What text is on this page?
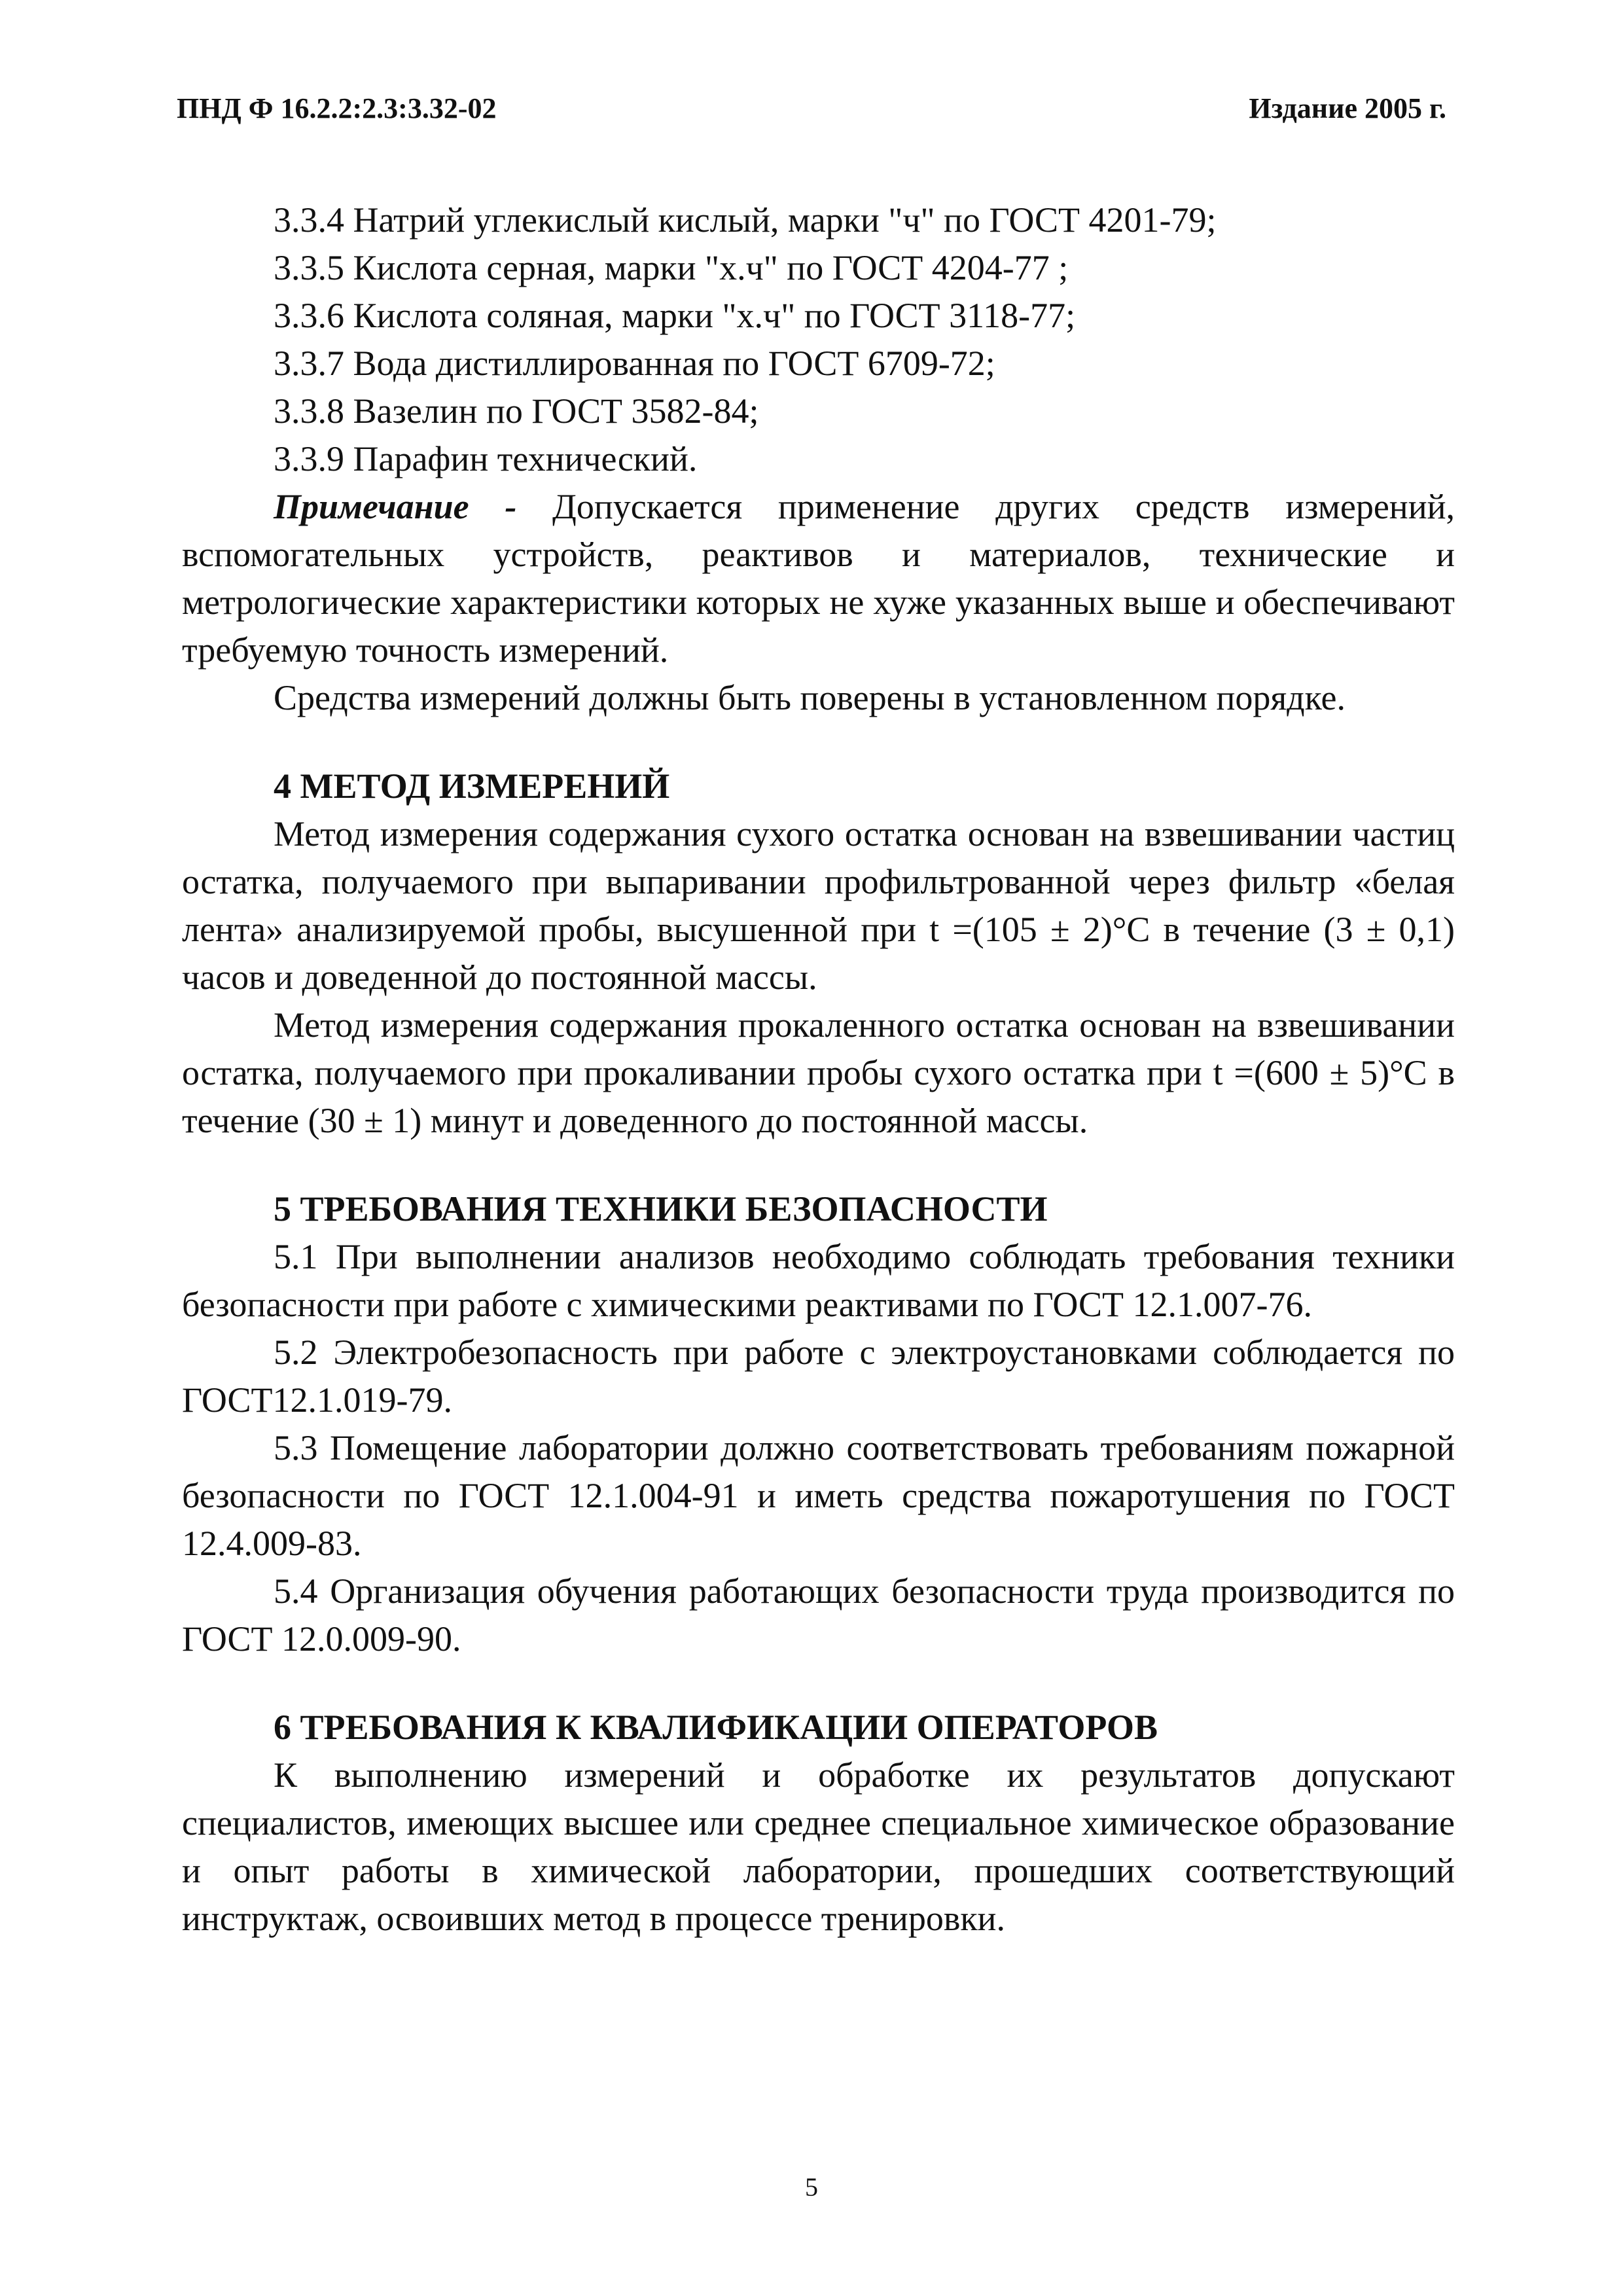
ПНД Ф 16.2.2:2.3:3.32-02	Издание 2005 г.

3.3.4 Натрий углекислый кислый, марки "ч" по ГОСТ 4201-79;

3.3.5 Кислота серная, марки "х.ч" по ГОСТ 4204-77 ;

3.3.6 Кислота соляная, марки "х.ч" по ГОСТ 3118-77;

3.3.7 Вода дистиллированная по ГОСТ 6709-72;

3.3.8 Вазелин по ГОСТ 3582-84;

3.3.9 Парафин технический.

Примечание - Допускается применение других средств измерений, вспомогательных устройств, реактивов и материалов, технические и метрологические характеристики которых не хуже указанных выше и обеспечивают требуемую точность измерений.

Средства измерений должны быть поверены в установленном порядке.

4 МЕТОД ИЗМЕРЕНИЙ

Метод измерения содержания сухого остатка основан на взвешивании частиц остатка, получаемого при выпаривании профильтрованной через фильтр «белая лента» анализируемой пробы, высушенной при t =(105 ± 2)°С в течение (3 ± 0,1) часов и доведенной до постоянной массы.

Метод измерения содержания прокаленного остатка основан на взвешивании остатка, получаемого при прокаливании пробы сухого остатка при t =(600 ± 5)°С в течение (30 ± 1) минут и доведенного до постоянной массы.

5 ТРЕБОВАНИЯ ТЕХНИКИ БЕЗОПАСНОСТИ

5.1 При выполнении анализов необходимо соблюдать требования техники безопасности при работе с химическими реактивами по ГОСТ 12.1.007-76.

5.2 Электробезопасность при работе с электроустановками соблюдается по ГОСТ12.1.019-79.

5.3 Помещение лаборатории должно соответствовать требованиям пожарной безопасности по ГОСТ 12.1.004-91 и иметь средства пожаротушения по ГОСТ 12.4.009-83.

5.4 Организация обучения работающих безопасности труда производится по ГОСТ 12.0.009-90.

6 ТРЕБОВАНИЯ К КВАЛИФИКАЦИИ ОПЕРАТОРОВ

К выполнению измерений и обработке их результатов допускают специалистов, имеющих высшее или среднее специальное химическое образование и опыт работы в химической лаборатории, прошедших соответствующий инструктаж, освоивших метод в процессе тренировки.

5
